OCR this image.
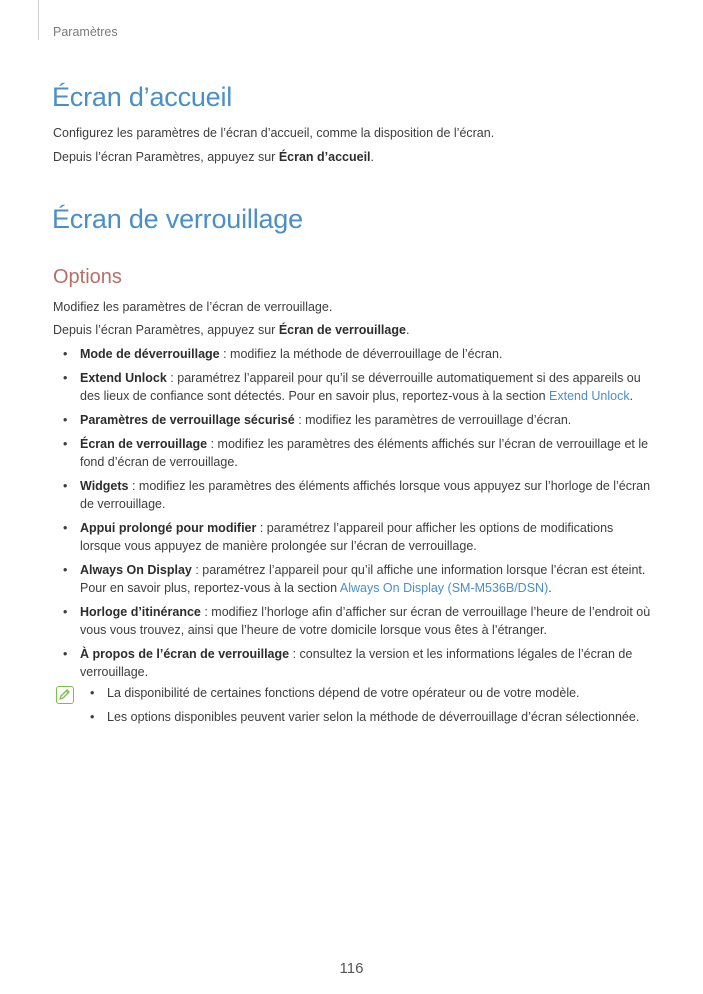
Paramètres
Écran d’accueil
Configurez les paramètres de l’écran d’accueil, comme la disposition de l’écran.
Depuis l’écran Paramètres, appuyez sur Écran d’accueil.
Écran de verrouillage
Options
Modifiez les paramètres de l’écran de verrouillage.
Depuis l’écran Paramètres, appuyez sur Écran de verrouillage.
• Mode de déverrouillage : modifiez la méthode de déverrouillage de l’écran.
• Extend Unlock : paramétrez l’appareil pour qu’il se déverrouille automatiquement si des appareils ou des lieux de confiance sont détectés. Pour en savoir plus, reportez-vous à la section Extend Unlock.
• Paramètres de verrouillage sécurisé : modifiez les paramètres de verrouillage d’écran.
• Écran de verrouillage : modifiez les paramètres des éléments affichés sur l’écran de verrouillage et le fond d’écran de verrouillage.
• Widgets : modifiez les paramètres des éléments affichés lorsque vous appuyez sur l’horloge de l’écran de verrouillage.
• Appui prolongé pour modifier : paramétrez l’appareil pour afficher les options de modifications lorsque vous appuyez de manière prolongée sur l’écran de verrouillage.
• Always On Display : paramétrez l’appareil pour qu’il affiche une information lorsque l’écran est éteint. Pour en savoir plus, reportez-vous à la section Always On Display (SM-M536B/DSN).
• Horloge d’itinérance : modifiez l’horloge afin d’afficher sur écran de verrouillage l’heure de l’endroit où vous vous trouvez, ainsi que l’heure de votre domicile lorsque vous êtes à l’étranger.
• À propos de l’écran de verrouillage : consultez la version et les informations légales de l’écran de verrouillage.
• La disponibilité de certaines fonctions dépend de votre opérateur ou de votre modèle.
• Les options disponibles peuvent varier selon la méthode de déverrouillage d’écran sélectionnée.
116
